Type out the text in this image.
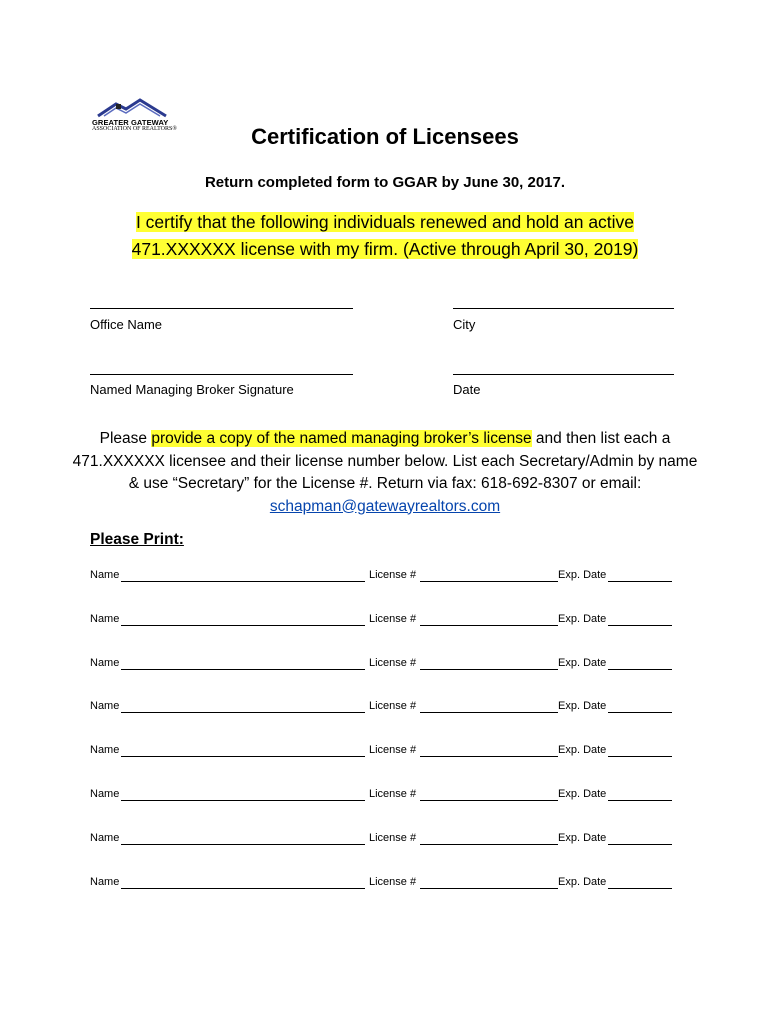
GREATER GATEWAY
ASSOCIATION OF REALTORS®	Certification of Licensees
Return completed form to GGAR by June 30, 2017.
I certify that the following individuals renewed and hold an active
471.XXXXXX license with my firm. (Active through April 30, 2019)
Office Name	City
Named Managing Broker Signature	Date
Please provide a copy of the named managing broker’s license and then list each a 471.XXXXXX licensee and their license number below. List each Secretary/Admin by name & use “Secretary” for the License #. Return via fax: 618-692-8307 or email: schapman@gatewayrealtors.com
Please Print:
Name	License #	Exp. Date
Name	License #	Exp. Date
Name	License #	Exp. Date
Name	License #	Exp. Date
Name	License #	Exp. Date
Name	License #	Exp. Date
Name	License #	Exp. Date
Name	License #	Exp. Date
